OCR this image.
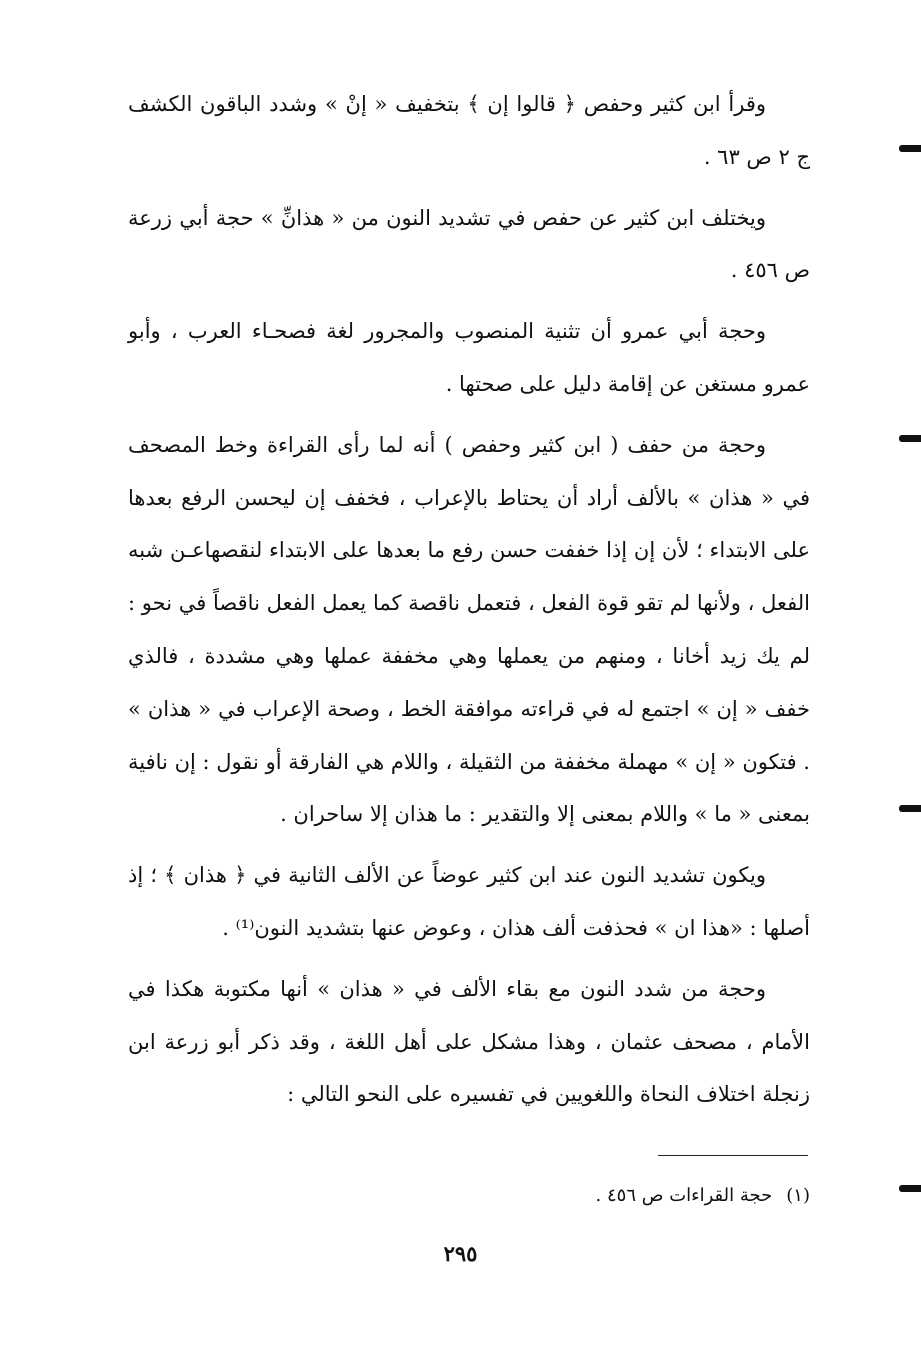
وقرأ ابن كثير وحفص ﴿ قالوا إن ﴾ بتخفيف « إنْ » وشدد الباقون الكشف ج ٢ ص ٦٣ .

ويختلف ابن كثير عن حفص في تشديد النون من « هذانِّ » حجة أبي زرعة ص ٤٥٦ .

وحجة أبي عمرو أن تثنية المنصوب والمجرور لغة فصحـاء العرب ، وأبو عمرو مستغن عن إقامة دليل على صحتها .

وحجة من حفف ( ابن كثير وحفص ) أنه لما رأى القراءة وخط المصحف في « هذان » بالألف أراد أن يحتاط بالإعراب ، فخفف إن ليحسن الرفع بعدها على الابتداء ؛ لأن إن إذا خففت حسن رفع ما بعدها على الابتداء لنقصهاعـن شبه الفعل ، ولأنها لم تقو قوة الفعل ، فتعمل ناقصة كما يعمل الفعل ناقصاً في نحو : لم يك زيد أخانا ، ومنهم من يعملها وهي مخففة عملها وهي مشددة ، فالذي خفف « إن » اجتمع له في قراءته موافقة الخط ، وصحة الإعراب في « هذان » . فتكون « إن » مهملة مخففة من الثقيلة ، واللام هي الفارقة أو نقول : إن نافية بمعنى « ما » واللام بمعنى إلا والتقدير : ما هذان إلا ساحران .

ويكون تشديد النون عند ابن كثير عوضاً عن الألف الثانية في ﴿ هذان ﴾ ؛ إذ أصلها : «هذا ان » فحذفت ألف هذان ، وعوض عنها بتشديد النون⁽¹⁾ .

وحجة من شدد النون مع بقاء الألف في « هذان » أنها مكتوبة هكذا في الأمام ، مصحف عثمان ، وهذا مشكل على أهل اللغة ، وقد ذكر أبو زرعة ابن زنجلة اختلاف النحاة واللغويين في تفسيره على النحو التالي :

(١)حجة القراءات ص ٤٥٦ .
٢٩٥
